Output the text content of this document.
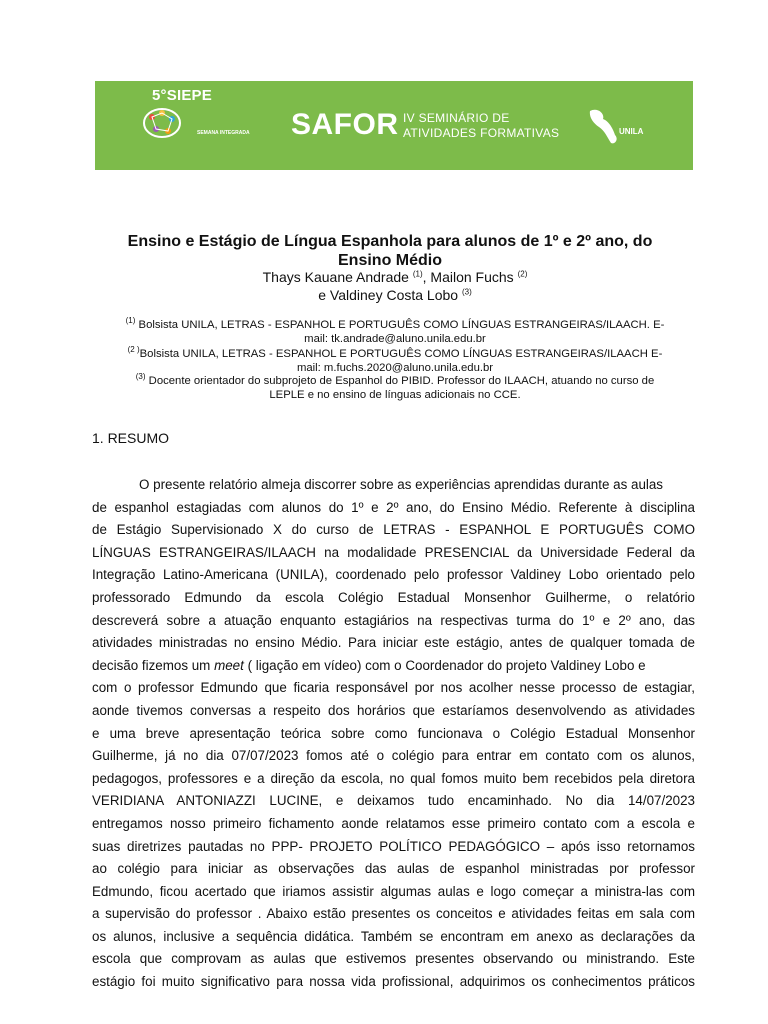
5°SIEPE
SEMANA INTEGRADA SAFOR IV SEMINÁRIO DE
ATIVIDADES FORMATIVAS	UNILA
Ensino e Estágio de Língua Espanhola para alunos de 1º e 2º ano, do
Ensino Médio
Thays Kauane Andrade $^{(1)}$, Mailon Fuchs $^{(2)}$
e Valdiney Costa Lobo $^{(3)}$
$^{(1)}$ Bolsista UNILA, LETRAS - ESPANHOL E PORTUGUÊS COMO LÍNGUAS ESTRANGEIRAS/ILAACH. E-
mail: tk.andrade@aluno.unila.edu.br
$^{(2 )}$Bolsista UNILA, LETRAS - ESPANHOL E PORTUGUÊS COMO LÍNGUAS ESTRANGEIRAS/ILAACH E-
mail: m.fuchs.2020@aluno.unila.edu.br
$^{(3)}$ Docente orientador do subprojeto de Espanhol do PIBID. Professor do ILAACH, atuando no curso de
LEPLE e no ensino de línguas adicionais no CCE.
1. RESUMO
O presente relatório almeja discorrer sobre as experiências aprendidas durante as aulas
de espanhol estagiadas com alunos do 1º e 2º ano, do Ensino Médio. Referente à disciplina
de Estágio Supervisionado X do curso de LETRAS - ESPANHOL E PORTUGUÊS COMO
LÍNGUAS ESTRANGEIRAS/ILAACH na modalidade PRESENCIAL da Universidade Federal da
Integração Latino-Americana (UNILA), coordenado pelo professor Valdiney Lobo orientado pelo
professorado Edmundo da escola Colégio Estadual Monsenhor Guilherme, o relatório
descreverá sobre a atuação enquanto estagiários na respectivas turma do 1º e 2º ano, das
atividades ministradas no ensino Médio. Para iniciar este estágio, antes de qualquer tomada de
decisão fizemos um meet ( ligação em vídeo) com o Coordenador do projeto Valdiney Lobo e
com o professor Edmundo que ficaria responsável por nos acolher nesse processo de estagiar,
aonde tivemos conversas a respeito dos horários que estaríamos desenvolvendo as atividades
e uma breve apresentação teórica sobre como funcionava o Colégio Estadual Monsenhor
Guilherme, já no dia 07/07/2023 fomos até o colégio para entrar em contato com os alunos,
pedagogos, professores e a direção da escola, no qual fomos muito bem recebidos pela diretora
VERIDIANA ANTONIAZZI LUCINE, e deixamos tudo encaminhado. No dia 14/07/2023
entregamos nosso primeiro fichamento aonde relatamos esse primeiro contato com a escola e
suas diretrizes pautadas no PPP- PROJETO POLÍTICO PEDAGÓGICO – após isso retornamos
ao colégio para iniciar as observações das aulas de espanhol ministradas por professor
Edmundo, ficou acertado que iriamos assistir algumas aulas e logo começar a ministra-las com
a supervisão do professor . Abaixo estão presentes os conceitos e atividades feitas em sala com
os alunos, inclusive a sequência didática. Também se encontram em anexo as declarações da
escola que comprovam as aulas que estivemos presentes observando ou ministrando. Este
estágio foi muito significativo para nossa vida profissional, adquirimos os conhecimentos práticos
